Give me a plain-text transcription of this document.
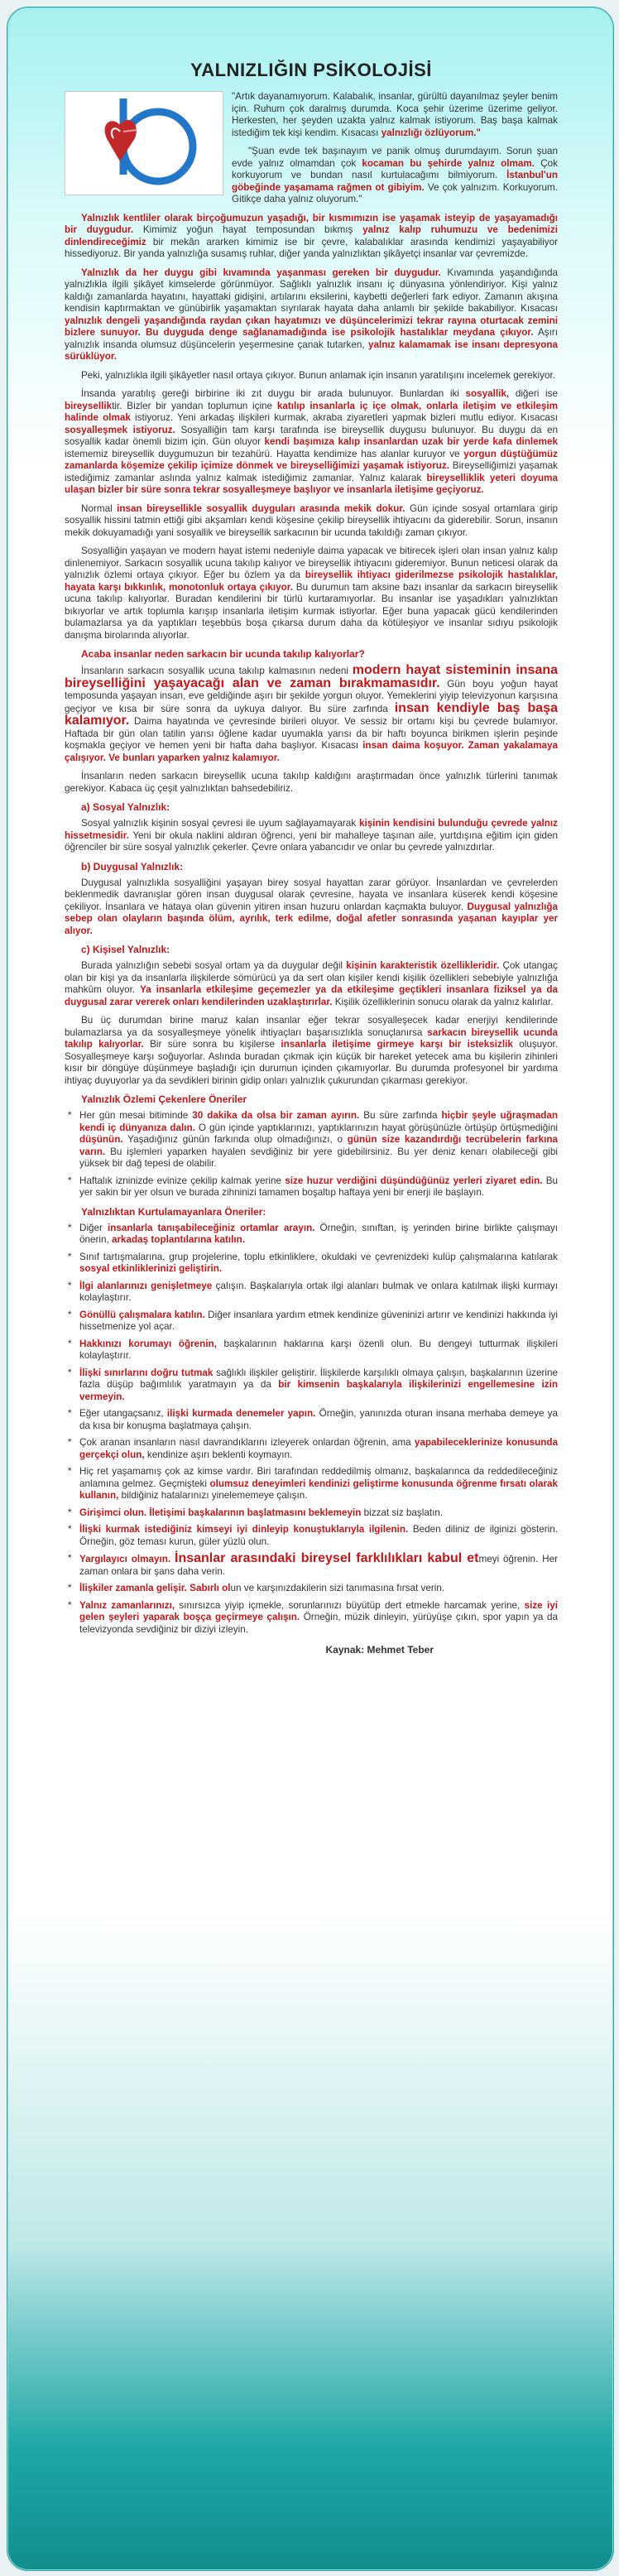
YALNIZLIĞIN PSİKOLOJİSİ

"Artık dayanamıyorum. Kalabalık, insanlar, gürültü dayanılmaz şeyler benim için. Ruhum çok daralmış durumda. Koca şehir üzerime üzerime geliyor. Herkesten, her şeyden uzakta yalnız kalmak istiyorum. Baş başa kalmak istediğim tek kişi kendim. Kısacası yalnızlığı özlüyorum."

"Şuan evde tek başınayım ve panik olmuş durumdayım. Sorun şuan evde yalnız olmamdan çok kocaman bu şehirde yalnız olmam. Çok korkuyorum ve bundan nasıl kurtulacağımı bilmiyorum. İstanbul'un göbeğinde yaşamama rağmen ot gibiyim. Ve çok yalnızım. Korkuyorum. Gitikçe daha yalnız oluyorum."

Yalnızlık kentliler olarak birçoğumuzun yaşadığı, bir kısmımızın ise yaşamak isteyip de yaşayamadığı bir duygudur. Kimimiz yoğun hayat temposundan bıkmış yalnız kalıp ruhumuzu ve bedenimizi dinlendireceğimiz bir mekân ararken kimimiz ise bir çevre, kalabalıklar arasında kendimizi yaşayabiliyor hissediyoruz. Bir yanda yalnızlığa susamış ruhlar, diğer yanda yalnızlıktan şikâyetçi insanlar var çevremizde.

Yalnızlık da her duygu gibi kıvamında yaşanması gereken bir duygudur. Kıvamında yaşandığında yalnızlıkla ilgili şikâyet kimselerde görünmüyor. Sağlıklı yalnızlık insanı iç dünyasına yönlendiriyor. Kişi yalnız kaldığı zamanlarda hayatını, hayattaki gidişini, artılarını eksilerini, kaybetti değerleri fark ediyor. Zamanın akışına kendisin kaptırmaktan ve günübirlik yaşamaktan sıyrılarak hayata daha anlamlı bir şekilde bakabiliyor. Kısacası yalnızlık dengeli yaşandığında raydan çıkan hayatımızı ve düşüncelerimizi tekrar rayına oturtacak zemini bizlere sunuyor. Bu duyguda denge sağlanamadığında ise psikolojik hastalıklar meydana çıkıyor. Aşırı yalnızlık insanda olumsuz düşüncelerin yeşermesine çanak tutarken, yalnız kalamamak ise insanı depresyona sürüklüyor.

Peki, yalnızlıkla ilgili şikâyetler nasıl ortaya çıkıyor. Bunun anlamak için insanın yaratılışını incelemek gerekiyor.

İnsanda yaratılış gereği birbirine iki zıt duygu bir arada bulunuyor. Bunlardan iki sosyallik, diğeri ise bireyselliktir. Bizler bir yandan toplumun içine katılıp insanlarla iç içe olmak, onlarla iletişim ve etkileşim halinde olmak istiyoruz. Yeni arkadaş ilişkileri kurmak, akraba ziyaretleri yapmak bizleri mutlu ediyor. Kısacası sosyalleşmek istiyoruz. Sosyalliğin tam karşı tarafında ise bireysellik duygusu bulunuyor. Bu duygu da en sosyallik kadar önemli bizim için. Gün oluyor kendi başımıza kalıp insanlardan uzak bir yerde kafa dinlemek istememiz bireysellik duygumuzun bir tezahürü. Hayatta kendimize has alanlar kuruyor ve yorgun düştüğümüz zamanlarda köşemize çekilip içimize dönmek ve bireyselliğimizi yaşamak istiyoruz. Bireyselliğimizi yaşamak istediğimiz zamanlar aslında yalnız kalmak istediğimiz zamanlar. Yalnız kalarak bireyselliklik yeteri doyuma ulaşan bizler bir süre sonra tekrar sosyalleşmeye başlıyor ve insanlarla iletişime geçiyoruz.

Normal insan bireysellikle sosyallik duyguları arasında mekik dokur. Gün içinde sosyal ortamlara girip sosyallik hissini tatmin ettiği gibi akşamları kendi köşesine çekilip bireysellik ihtiyacını da giderebilir. Sorun, insanın mekik dokuyamadığı yani sosyallik ve bireysellik sarkacının bir ucunda takıldığı zaman çıkıyor.

Sosyalliğin yaşayan ve modern hayat istemi nedeniyle daima yapacak ve bitirecek işleri olan insan yalnız kalıp dinlenemiyor. Sarkacın sosyallik ucuna takılıp kalıyor ve bireysellik ihtiyacını gideremiyor. Bunun neticesi olarak da yalnızlık özlemi ortaya çıkıyor. Eğer bu özlem ya da bireysellik ihtiyacı giderilmezse psikolojik hastalıklar, hayata karşı bıkkınlık, monotonluk ortaya çıkıyor. Bu durumun tam aksine bazı insanlar da sarkacın bireysellik ucuna takılıp kalıyorlar. Buradan kendilerini bir türlü kurtaramıyorlar. Bu insanlar ise yaşadıkları yalnızlıktan bıkıyorlar ve artık toplumla karışıp insanlarla iletişim kurmak istiyorlar. Eğer buna yapacak gücü kendilerinden bulamazlarsa ya da yaptıkları teşebbüs boşa çıkarsa durum daha da kötüleşiyor ve insanlar sıdıyu psikolojik danışma birolarında alıyorlar.

Acaba insanlar neden sarkacın bir ucunda takılıp kalıyorlar?

İnsanların sarkacın sosyallik ucuna takılıp kalmasının nedeni modern hayat sisteminin insana bireyselliğini yaşayacağı alan ve zaman bırakmamasıdır. Gün boyu yoğun hayat temposunda yaşayan insan, eve geldiğinde aşırı bir şekilde yorgun oluyor. Yemeklerini yiyip televizyonun karşısına geçiyor ve kısa bir süre sonra da uykuya dalıyor. Bu süre zarfında insan kendiyle baş başa kalamıyor. Daima hayatında ve çevresinde birileri oluyor. Ve sessiz bir ortamı kişi bu çevrede bulamıyor. Haftada bir gün olan tatilin yarısı öğlene kadar uyumakla yarısı da bir haftı boyunca birikmen işlerin peşinde koşmakla geçiyor ve hemen yeni bir hafta daha başlıyor. Kısacası insan daima koşuyor. Zaman yakalamaya çalışıyor. Ve bunları yaparken yalnız kalamıyor.

İnsanların neden sarkacın bireysellik ucuna takılıp kaldığını araştırmadan önce yalnızlık türlerini tanımak gerekiyor. Kabaca üç çeşit yalnızlıktan bahsedebiliriz.

a) Sosyal Yalnızlık:

Sosyal yalnızlık kişinin sosyal çevresi ile uyum sağlayamayarak kişinin kendisini bulunduğu çevrede yalnız hissetmesidir. Yeni bir okula naklini aldıran öğrenci, yeni bir mahalleye taşınan aile, yurtdışına eğitim için giden öğrenciler bir süre sosyal yalnızlık çekerler. Çevre onlara yabancıdır ve onlar bu çevrede yalnızdırlar.

b) Duygusal Yalnızlık:

Duygusal yalnızlıkla sosyalliğini yaşayan birey sosyal hayattan zarar görüyor. İnsanlardan ve çevrelerden beklenmedik davranışlar gören insan duygusal olarak çevresine, hayata ve insanlara küserek kendi köşesine çekiliyor. İnsanlara ve hataya olan güvenin yitiren insan huzuru onlardan kaçmakta buluyor. Duygusal yalnızlığa sebep olan olayların başında ölüm, ayrılık, terk edilme, doğal afetler sonrasında yaşanan kayıplar yer alıyor.

c) Kişisel Yalnızlık:

Burada yalnızlığın sebebi sosyal ortam ya da duygular değil kişinin karakteristik özellikleridir. Çok utangaç olan bir kişi ya da insanlarla ilişkilerde sömürücü ya da sert olan kişiler kendi kişilik özellikleri sebebiyle yalnızlığa mahkûm oluyor. Ya insanlarla etkileşime geçemezler ya da etkileşime geçtikleri insanlara fiziksel ya da duygusal zarar vererek onları kendilerinden uzaklaştırırlar. Kişilik özelliklerinin sonucu olarak da yalnız kalırlar.

Bu üç durumdan birine maruz kalan insanlar eğer tekrar sosyalleşecek kadar enerjiyi kendilerinde bulamazlarsa ya da sosyalleşmeye yönelik ihtiyaçları başarısızlıkla sonuçlanırsa sarkacın bireysellik ucunda takılıp kalıyorlar. Bir süre sonra bu kişilerse insanlarla iletişime girmeye karşı bir isteksizlik oluşuyor. Sosyalleşmeye karşı soğuyorlar. Aslında buradan çıkmak için küçük bir hareket yetecek ama bu kişilerin zihinleri kısır bir döngüye düşünmeye başladığı için durumun içinden çıkamıyorlar. Bu durumda profesyonel bir yardıma ihtiyaç duyuyorlar ya da sevdikleri birinin gidip onları yalnızlık çukurundan çıkarması gerekiyor.

Yalnızlık Özlemi Çekenlere Öneriler
* Her gün mesai bitiminde 30 dakika da olsa bir zaman ayırın. Bu süre zarfında hiçbir şeyle uğraşmadan kendi iç dünyanıza dalın. O gün içinde yaptıklarınızı, yaptıklarınızın hayat görüşünüzle örtüşüp örtüşmediğini düşünün. Yaşadığınız günün farkında olup olmadığınızı, o günün size kazandırdığı tecrübelerin farkına varın. Bu işlemleri yaparken hayalen sevdiğiniz bir yere gidebilirsiniz. Bu yer deniz kenarı olabileceği gibi yüksek bir dağ tepesi de olabilir.
* Haftalık izninizde evinize çekilip kalmak yerine size huzur verdiğini düşündüğünüz yerleri ziyaret edin. Bu yer sakin bir yer olsun ve burada zihninizi tamamen boşaltıp haftaya yeni bir enerji ile başlayın.
Yalnızlıktan Kurtulamayanlara Öneriler:
* Diğer insanlarla tanışabileceğiniz ortamlar arayın. Örneğin, sınıftan, iş yerinden birine birlikte çalışmayı önerin, arkadaş toplantılarına katılın.
* Sınıf tartışmalarına, grup projelerine, toplu etkinliklere, okuldaki ve çevrenizdeki kulüp çalışmalarına katılarak sosyal etkinliklerinizi geliştirin.
* İlgi alanlarınızı genişletmeye çalışın. Başkalarıyla ortak ilgi alanları bulmak ve onlara katılmak ilişki kurmayı kolaylaştırır.
* Gönüllü çalışmalara katılın. Diğer insanlara yardım etmek kendinize güveninizi artırır ve kendinizi hakkında iyi hissetmenize yol açar.
* Hakkınızı korumayı öğrenin, başkalarının haklarına karşı özenli olun. Bu dengeyi tutturmak ilişkileri kolaylaştırır.
* İlişki sınırlarını doğru tutmak sağlıklı ilişkiler geliştirir. İlişkilerde karşılıklı olmaya çalışın, başkalarının üzerine fazla düşüp bağımlılık yaratmayın ya da bir kimsenin başkalarıyla ilişkilerinizi engellemesine izin vermeyin.
* Eğer utangaçsanız, ilişki kurmada denemeler yapın. Örneğin, yanınızda oturan insana merhaba demeye ya da kısa bir konuşma başlatmaya çalışın.
* Çok aranan insanların nasıl davrandıklarını izleyerek onlardan öğrenin, ama yapabileceklerinize konusunda gerçekçi olun, kendinize aşırı beklenti koymayın.
* Hiç ret yaşamamış çok az kimse vardır. Biri tarafından reddedilmiş olmanız, başkalarınca da reddedileceğiniz anlamına gelmez. Geçmişteki olumsuz deneyimleri kendinizi geliştirme konusunda öğrenme fırsatı olarak kullanın, bildiğiniz hatalarınızı yinelememeye çalışın.
* Girişimci olun. İletişimi başkalarının başlatmasını beklemeyin bizzat siz başlatın.
* İlişki kurmak istediğiniz kimseyi iyi dinleyip konuştuklarıyla ilgilenin. Beden diliniz de ilginizi gösterin. Örneğin, göz teması kurun, güler yüzlü olun.
* Yargılayıcı olmayın. İnsanlar arasındaki bireysel farklılıkları kabul etmeyi öğrenin. Her zaman onlara bir şans daha verin.
* İlişkiler zamanla gelişir. Sabırlı olun ve karşınızdakilerin sizi tanımasına fırsat verin.
* Yalnız zamanlarınızı, sınırsızca yiyip içmekle, sorunlarınızı büyütüp dert etmekle harcamak yerine, size iyi gelen şeyleri yaparak boşça geçirmeye çalışın. Örneğin, müzik dinleyin, yürüyüşe çıkın, spor yapın ya da televizyonda sevdiğiniz bir diziyi izleyin.
Kaynak: Mehmet Teber
